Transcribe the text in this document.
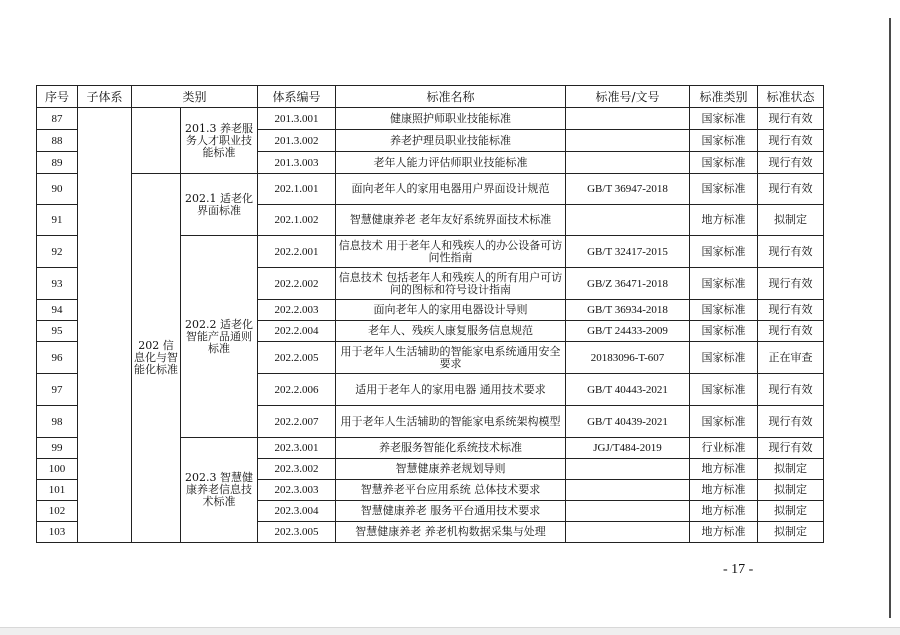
序号	子体系	类别		体系编号	标准名称	标准号/文号	标准类别	标准状态
87			201.3 养老服务人才职业技能标准	201.3.001	健康照护师职业技能标准		国家标准	现行有效
88				201.3.002	养老护理员职业技能标准		国家标准	现行有效
89				201.3.003	老年人能力评估师职业技能标准		国家标准	现行有效
90		202 信息化与智能化标准	202.1 适老化界面标准	202.1.001	面向老年人的家用电器用户界面设计规范	GB/T 36947-2018	国家标准	现行有效
91				202.1.002	智慧健康养老 老年友好系统界面技术标准		地方标准	拟制定
92			202.2 适老化智能产品通则标准	202.2.001	信息技术 用于老年人和残疾人的办公设备可访问性指南	GB/T 32417-2015	国家标准	现行有效
93				202.2.002	信息技术 包括老年人和残疾人的所有用户可访问的图标和符号设计指南	GB/Z 36471-2018	国家标准	现行有效
94				202.2.003	面向老年人的家用电器设计导则	GB/T 36934-2018	国家标准	现行有效
95				202.2.004	老年人、残疾人康复服务信息规范	GB/T 24433-2009	国家标准	现行有效
96				202.2.005	用于老年人生活辅助的智能家电系统通用安全要求	20183096-T-607	国家标准	正在审查
97				202.2.006	适用于老年人的家用电器 通用技术要求	GB/T 40443-2021	国家标准	现行有效
98				202.2.007	用于老年人生活辅助的智能家电系统架构模型	GB/T 40439-2021	国家标准	现行有效
99			202.3 智慧健康养老信息技术标准	202.3.001	养老服务智能化系统技术标准	JGJ/T484-2019	行业标准	现行有效
100				202.3.002	智慧健康养老规划导则		地方标准	拟制定
101				202.3.003	智慧养老平台应用系统 总体技术要求		地方标准	拟制定
102				202.3.004	智慧健康养老 服务平台通用技术要求		地方标准	拟制定
103				202.3.005	智慧健康养老 养老机构数据采集与处理		地方标准	拟制定
- 17 -
